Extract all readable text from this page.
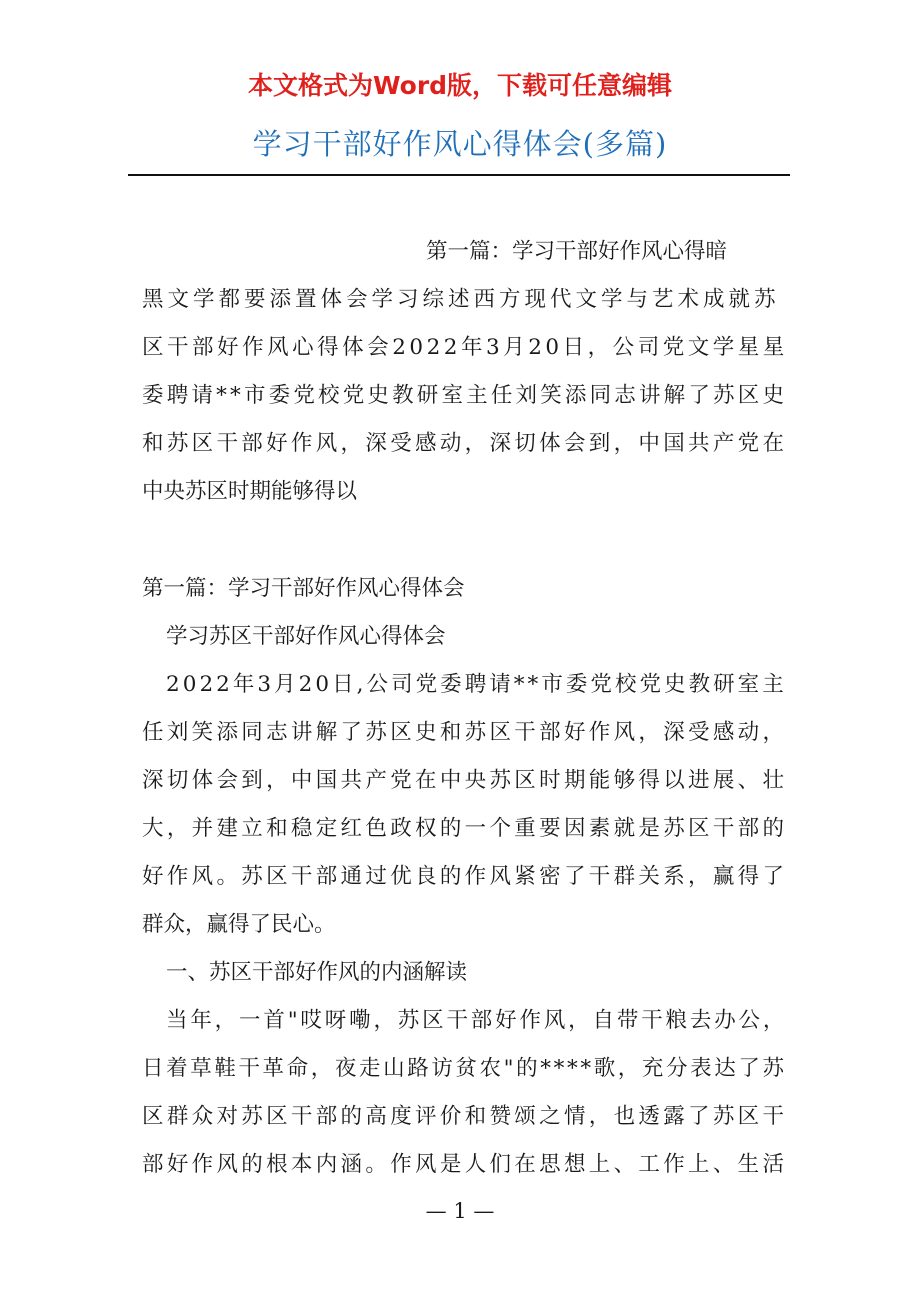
本文格式为Word版，下载可任意编辑
学习干部好作风心得体会(多篇)
第一篇：学习干部好作风心得暗
黑文学都要添置体会学习综述西方现代文学与艺术成就苏
区干部好作风心得体会2022年3月20日，公司党文学星星
委聘请**市委党校党史教研室主任刘笑添同志讲解了苏区史
和苏区干部好作风，深受感动，深切体会到，中国共产党在
中央苏区时期能够得以
第一篇：学习干部好作风心得体会
学习苏区干部好作风心得体会
2022年3月20日,公司党委聘请**市委党校党史教研室主
任刘笑添同志讲解了苏区史和苏区干部好作风，深受感动，
深切体会到，中国共产党在中央苏区时期能够得以进展、壮
大，并建立和稳定红色政权的一个重要因素就是苏区干部的
好作风。苏区干部通过优良的作风紧密了干群关系，赢得了
群众，赢得了民心。
一、苏区干部好作风的内涵解读
当年，一首"哎呀嘞，苏区干部好作风，自带干粮去办公，
日着草鞋干革命，夜走山路访贫农"的****歌，充分表达了苏
区群众对苏区干部的高度评价和赞颂之情，也透露了苏区干
部好作风的根本内涵。作风是人们在思想上、工作上、生活
— 1 —
